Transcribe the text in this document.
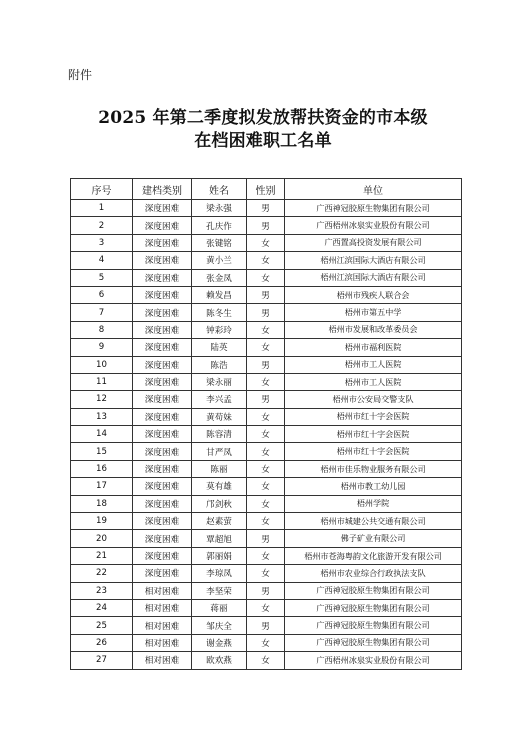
附件
2025 年第二季度拟发放帮扶资金的市本级
在档困难职工名单
序号	建档类别	姓名	性别	单位
1	深度困难	梁永强	男	广西神冠胶原生物集团有限公司
2	深度困难	孔庆作	男	广西梧州冰泉实业股份有限公司
3	深度困难	张键铭	女	广西置高投资发展有限公司
4	深度困难	黄小兰	女	梧州江滨国际大酒店有限公司
5	深度困难	张金凤	女	梧州江滨国际大酒店有限公司
6	深度困难	赖发昌	男	梧州市残疾人联合会
7	深度困难	陈冬生	男	梧州市第五中学
8	深度困难	钟彩玲	女	梧州市发展和改革委员会
9	深度困难	陆英	女	梧州市福利医院
10	深度困难	陈浩	男	梧州市工人医院
11	深度困难	梁永丽	女	梧州市工人医院
12	深度困难	李兴孟	男	梧州市公安局交警支队
13	深度困难	黄苟妹	女	梧州市红十字会医院
14	深度困难	陈容清	女	梧州市红十字会医院
15	深度困难	甘严凤	女	梧州市红十字会医院
16	深度困难	陈丽	女	梧州市佳乐物业服务有限公司
17	深度困难	莫有雄	女	梧州市教工幼儿园
18	深度困难	邝剑秋	女	梧州学院
19	深度困难	赵素萤	女	梧州市城建公共交通有限公司
20	深度困难	覃超旭	男	佛子矿业有限公司
21	深度困难	郭丽娟	女	梧州市苍海粤韵文化旅游开发有限公司
22	深度困难	李琼凤	女	梧州市农业综合行政执法支队
23	相对困难	李坚荣	男	广西神冠胶原生物集团有限公司
24	相对困难	蒋丽	女	广西神冠胶原生物集团有限公司
25	相对困难	邹庆全	男	广西神冠胶原生物集团有限公司
26	相对困难	谢金燕	女	广西神冠胶原生物集团有限公司
27	相对困难	欧欢燕	女	广西梧州冰泉实业股份有限公司
